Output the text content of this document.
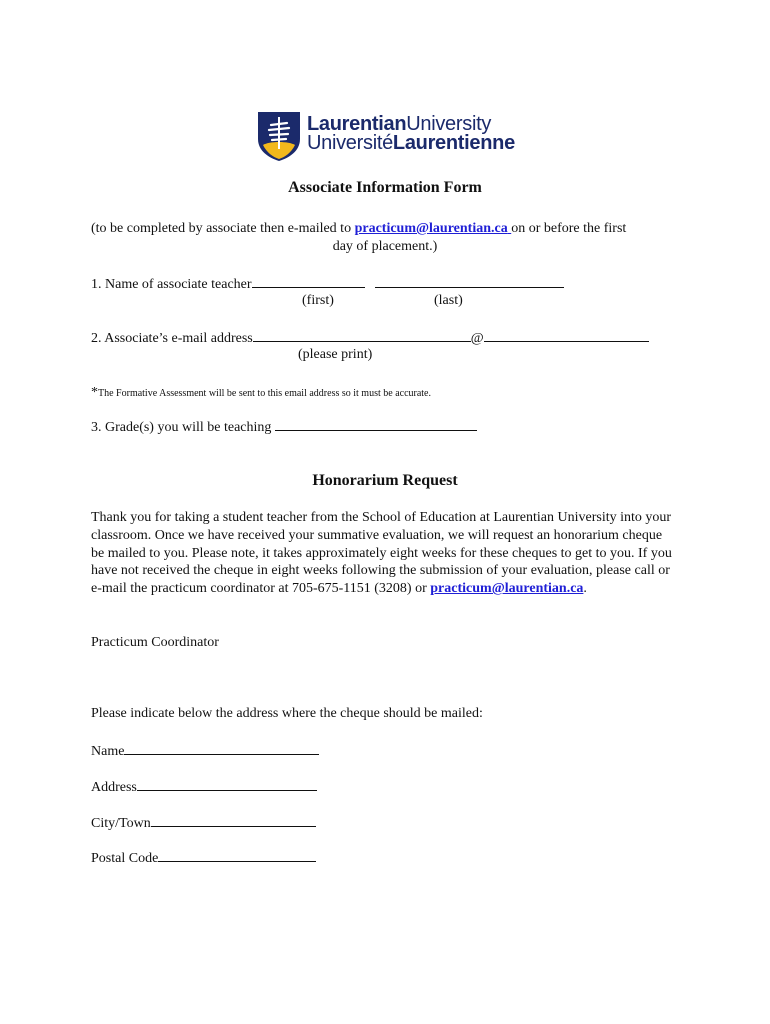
LaurentianUniversity
UniversitéLaurentienne
Associate Information Form
(to be completed by associate then e-mailed to practicum@laurentian.ca on or before the first
day of placement.)
1. Name of associate teacher
(first)	(last)
2. Associate’s e-mail address	@
(please print)
*The Formative Assessment will be sent to this email address so it must be accurate.
3. Grade(s) you will be teaching
Honorarium Request
Thank you for taking a student teacher from the School of Education at Laurentian University into your classroom. Once we have received your summative evaluation, we will request an honorarium cheque be mailed to you. Please note, it takes approximately eight weeks for these cheques to get to you. If you have not received the cheque in eight weeks following the submission of your evaluation, please call or e-mail the practicum coordinator at 705-675-1151 (3208) or practicum@laurentian.ca.
Practicum Coordinator
Please indicate below the address where the cheque should be mailed:
Name
Address
City/Town
Postal Code
